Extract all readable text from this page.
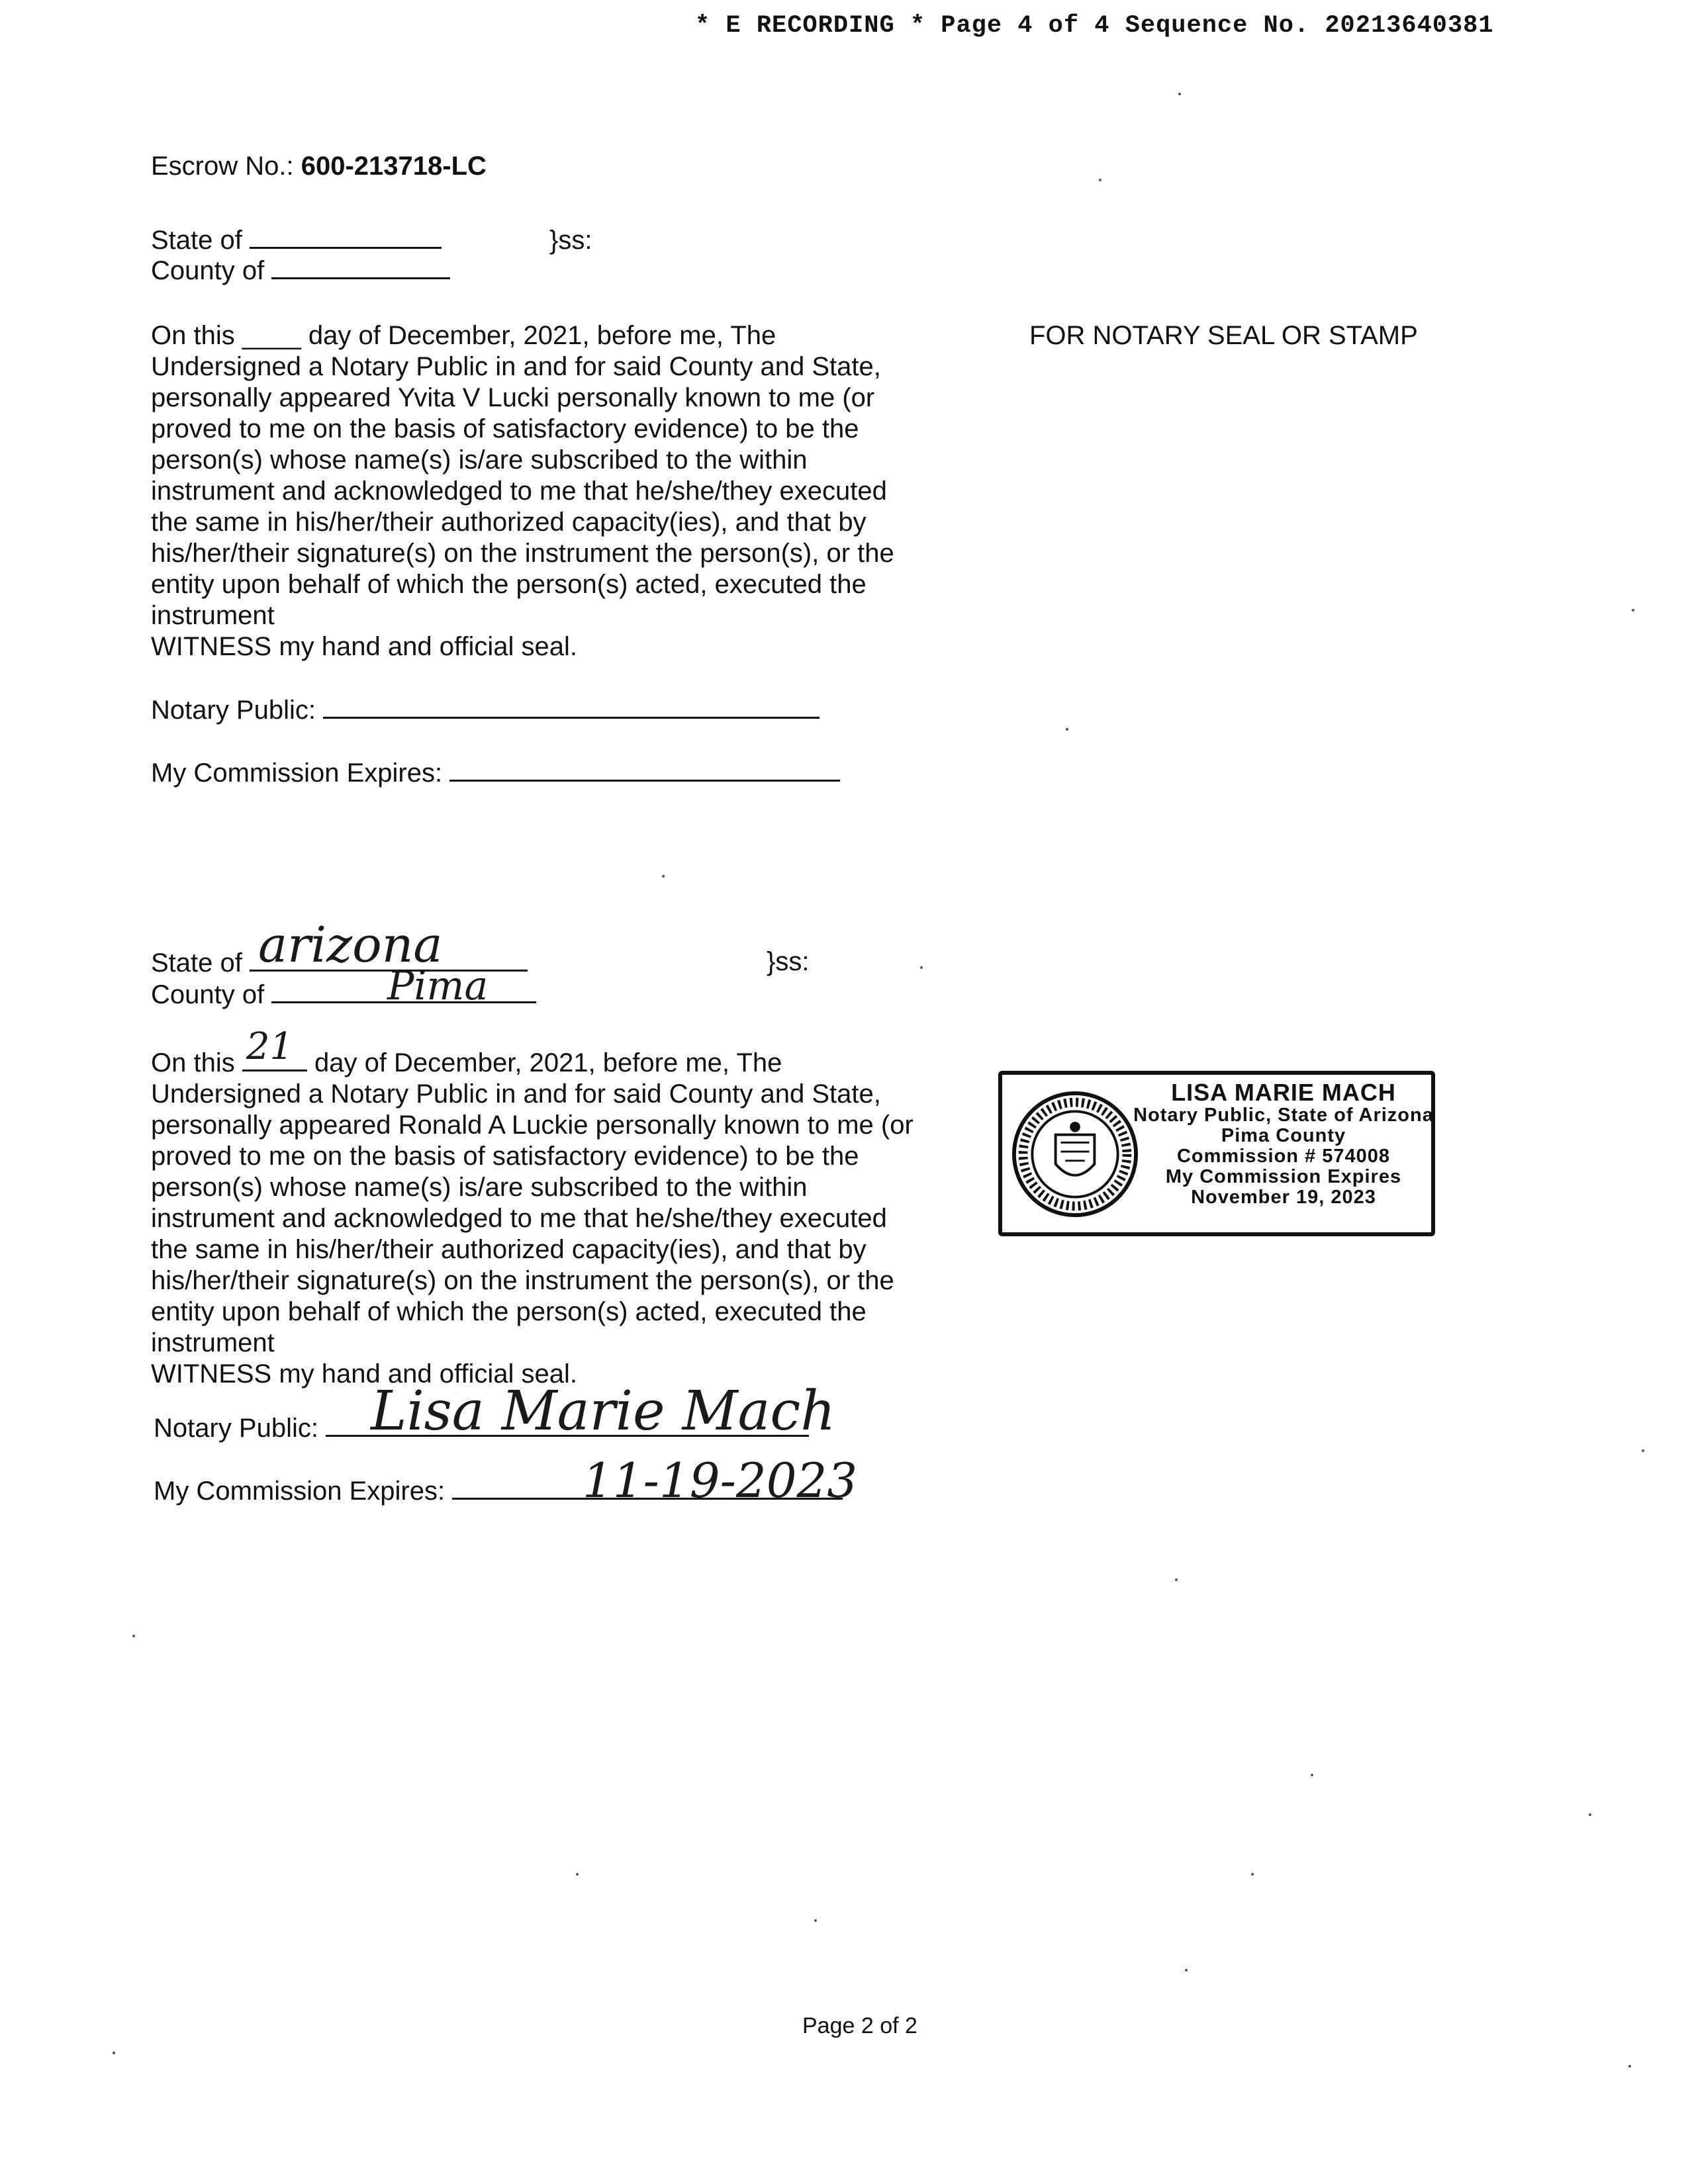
* E RECORDING * Page 4 of 4 Sequence No. 20213640381
Escrow No.: 600-213718-LC
State of	}ss:
County of
On this ____ day of December, 2021, before me, The
Undersigned a Notary Public in and for said County and State,
personally appeared Yvita V Lucki personally known to me (or
proved to me on the basis of satisfactory evidence) to be the
person(s) whose name(s) is/are subscribed to the within
instrument and acknowledged to me that he/she/they executed
the same in his/her/their authorized capacity(ies), and that by
his/her/their signature(s) on the instrument the person(s), or the
entity upon behalf of which the person(s) acted, executed the
instrument
WITNESS my hand and official seal.
FOR NOTARY SEAL OR STAMP
Notary Public:
My Commission Expires:
State of arizona	}ss:
County of	Pima
On this 21 day of December, 2021, before me, The
Undersigned a Notary Public in and for said County and State,
personally appeared Ronald A Luckie personally known to me (or
proved to me on the basis of satisfactory evidence) to be the
person(s) whose name(s) is/are subscribed to the within
instrument and acknowledged to me that he/she/they executed
the same in his/her/their authorized capacity(ies), and that by
his/her/their signature(s) on the instrument the person(s), or the
entity upon behalf of which the person(s) acted, executed the
instrument
WITNESS my hand and official seal.
Notary Public: Lisa Marie Mach
My Commission Expires:	11-19-2023
LISA MARIE MACH
Notary Public, State of Arizona
Pima County
Commission # 574008
My Commission Expires
November 19, 2023
Page 2 of 2
